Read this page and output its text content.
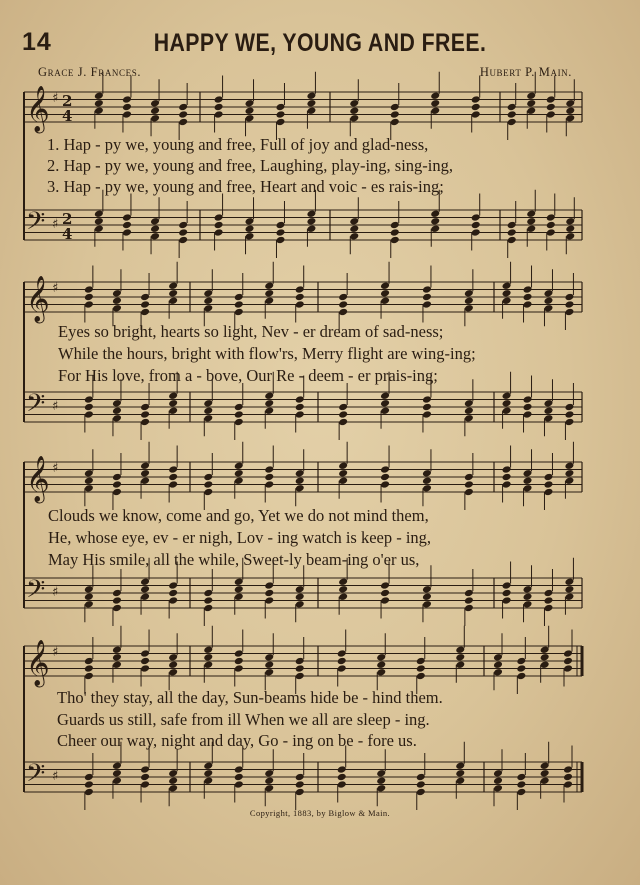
14	HAPPY WE, YOUNG AND FREE.
Grace J. Frances.	Hubert P. Main.
𝄞 ♯ 2
4
𝄢 ♯ 2
4
𝄞 ♯
𝄢 ♯
𝄞 ♯
𝄢 ♯
𝄞 ♯
𝄢 ♯
1. Hap - py we, young and free, Full of joy and glad-ness,
2. Hap - py we, young and free, Laughing, play-ing, sing-ing,
3. Hap - py we, young and free, Heart and voic - es rais-ing;
Eyes so bright, hearts so light, Nev - er dream of sad-ness;
While the hours, bright with flow'rs, Merry flight are wing-ing;
For His love, from a - bove, Our Re - deem - er prais-ing;
Clouds we know, come and go, Yet we do not mind them,
He, whose eye, ev - er nigh, Lov - ing watch is keep - ing,
May His smile, all the while, Sweet-ly beam-ing o'er us,
Tho' they stay, all the day, Sun-beams hide be - hind them.
Guards us still, safe from ill When we all are sleep - ing.
Cheer our way, night and day, Go - ing on be - fore us.
Copyright, 1883, by Biglow & Main.
